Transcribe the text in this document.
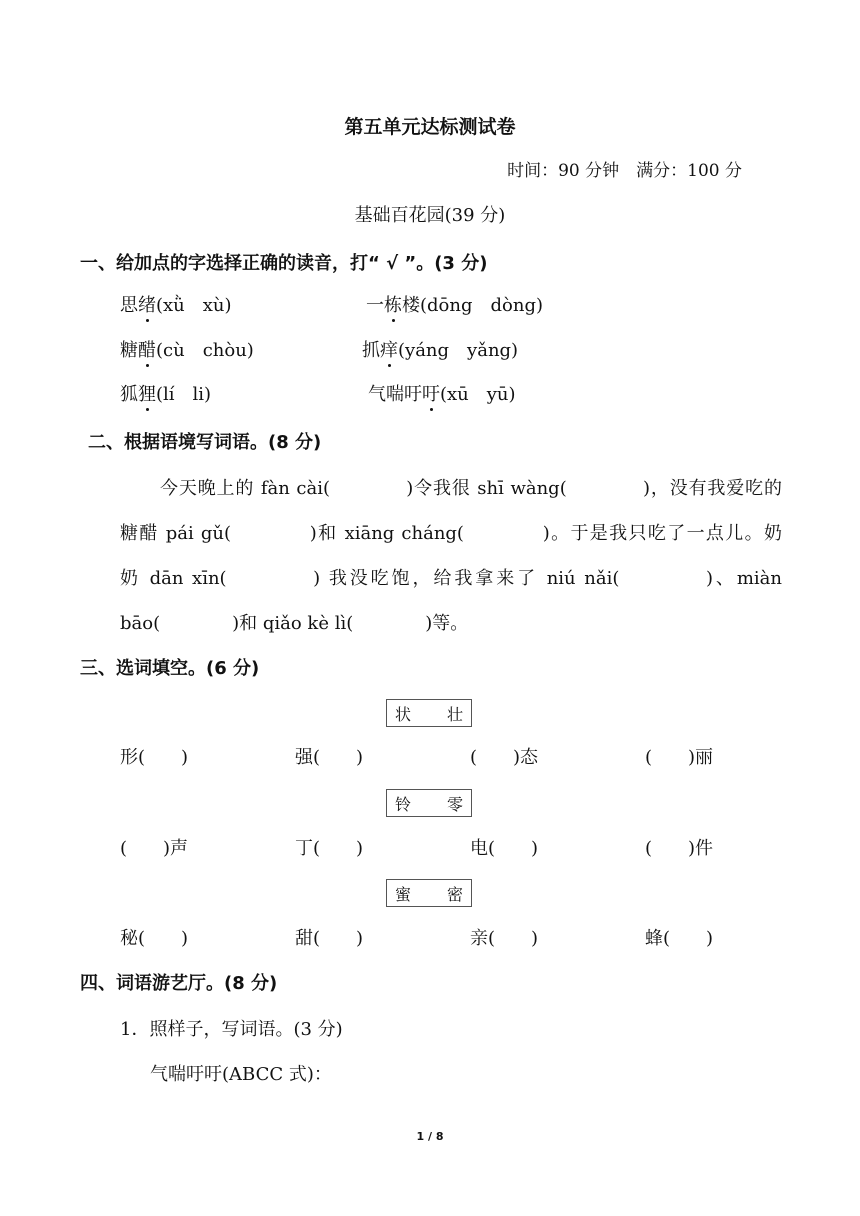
第五单元达标测试卷
时间：90 分钟　满分：100 分
基础百花园(39 分)
一、给加点的字选择正确的读音，打“ √ ”。(3 分)
思绪(xǜ　xù)	一栋楼(dōng　dòng)
糖醋(cù　chòu)	抓痒(yáng　yǎng)
狐狸(lí　li)	气喘吁吁(xū　yū)
二、根据语境写词语。(8 分)
今天晚上的 fàn cài(　　　　)令我很 shī wàng(　　　　)，没有我爱吃的
糖醋 pái gǔ(　　　　)和 xiāng cháng(　　　　)。于是我只吃了一点儿。奶
奶 dān xīn(　　　　) 我没吃饱，给我拿来了 niú nǎi(　　　　)、miàn
bāo(　　　　)和 qiǎo kè lì(　　　　)等。
三、选词填空。(6 分)
状 壮
形(　　)	强(　　)	(　　)态	(　　)丽
铃 零
(　　)声	丁(　　)	电(　　)	(　　)件
蜜 密
秘(　　)	甜(　　)	亲(　　)	蜂(　　)
四、词语游艺厅。(8 分)
1．照样子，写词语。(3 分)
气喘吁吁(ABCC 式)：
1 / 8
